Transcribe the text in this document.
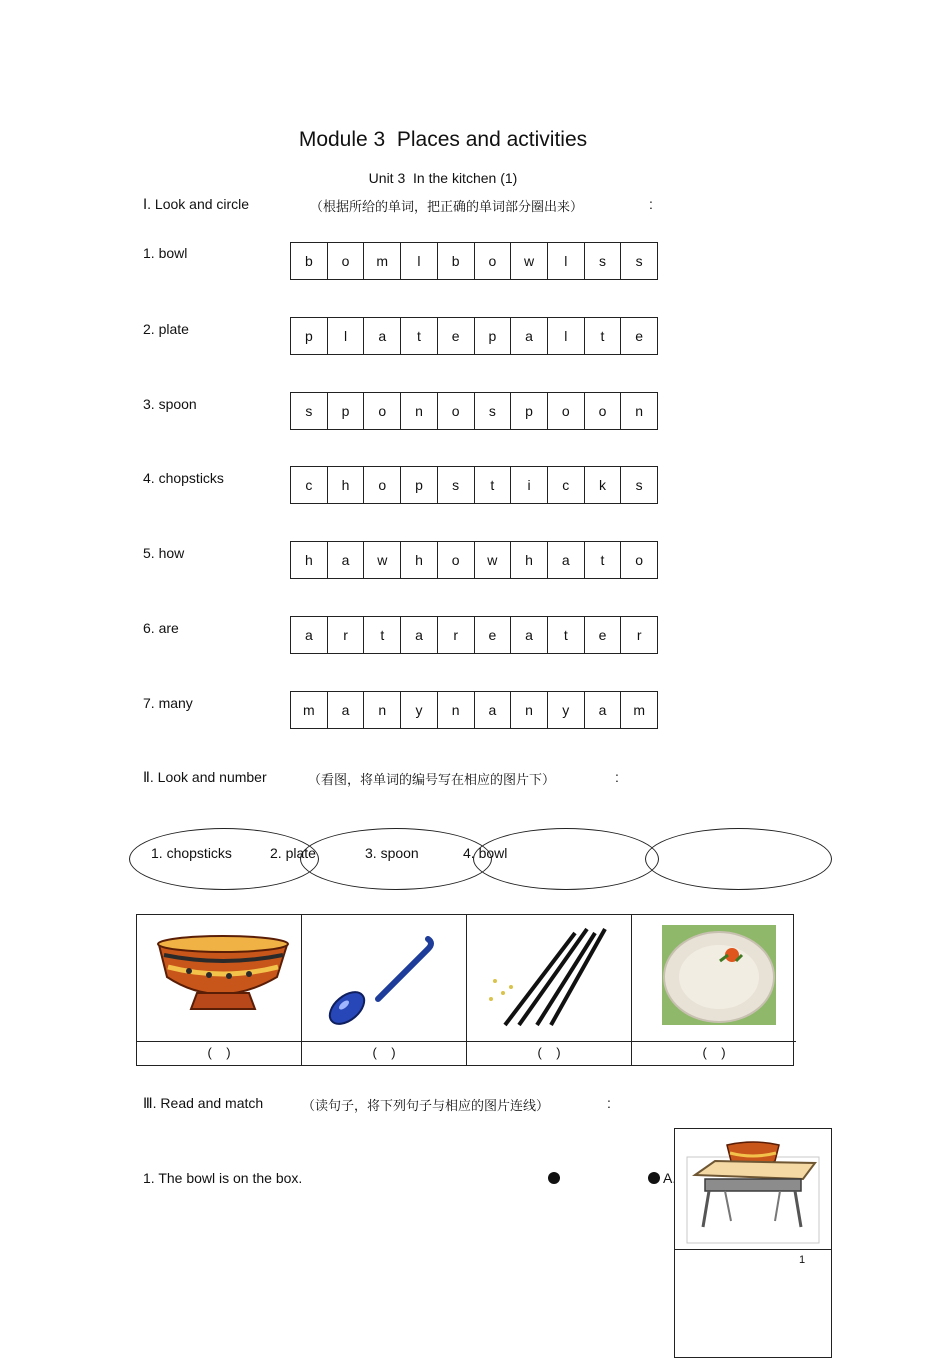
Module 3  Places and activities
Unit 3  In the kitchen (1)
Ⅰ. Look and circle	（根据所给的单词，把正确的单词部分圈出来）	:
1. bowl	b	o	m	l	b	o	w	l	s	s
2. plate	p	l	a	t	e	p	a	l	t	e
3. spoon	s	p	o	n	o	s	p	o	o	n
4. chopsticks	c	h	o	p	s	t	i	c	k	s
5. how	h	a	w	h	o	w	h	a	t	o
6. are	a	r	t	a	r	e	a	t	e	r
7. many	m	a	n	y	n	a	n	y	a	m
Ⅱ. Look and number	（看图，将单词的编号写在相应的图片下）	:
1. chopsticks	2. plate	3. spoon	4. bowl
(    )	(    )	(    )	(    )
Ⅲ. Read and match	（读句子，将下列句子与相应的图片连线）	:
1. The bowl is on the box.	A.
1
